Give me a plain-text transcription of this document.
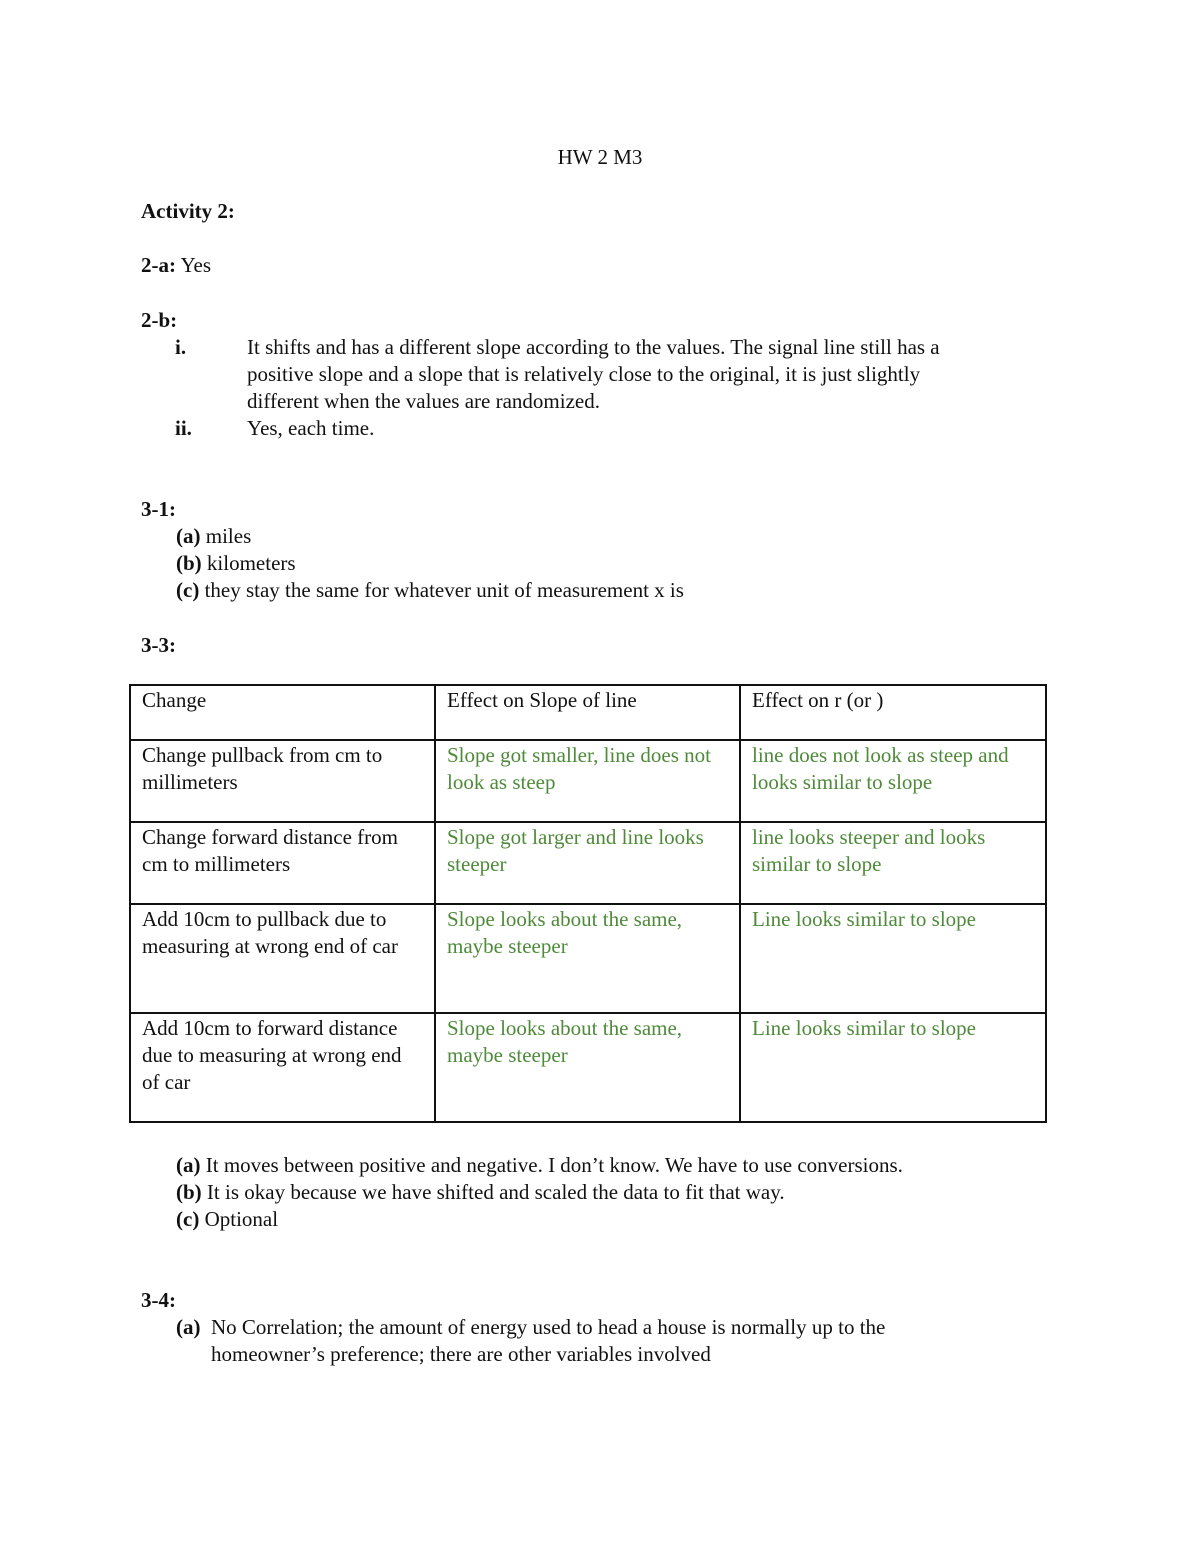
HW 2 M3
Activity 2:
2-a: Yes
2-b:
i.	It shifts and has a different slope according to the values. The signal line still has a
positive slope and a slope that is relatively close to the original, it is just slightly
different when the values are randomized.
ii.	Yes, each time.
3-1:
(a) miles
(b) kilometers
(c) they stay the same for whatever unit of measurement x is
3-3:
Change	Effect on Slope of line	Effect on r (or )
Change pullback from cm to millimeters	Slope got smaller, line does not look as steep	line does not look as steep and looks similar to slope
Change forward distance from cm to millimeters	Slope got larger and line looks steeper	line looks steeper and looks similar to slope
Add 10cm to pullback due to measuring at wrong end of car	Slope looks about the same, maybe steeper	Line looks similar to slope
Add 10cm to forward distance due to measuring at wrong end of car	Slope looks about the same, maybe steeper	Line looks similar to slope
(a) It moves between positive and negative. I don’t know. We have to use conversions.
(b) It is okay because we have shifted and scaled the data to fit that way.
(c) Optional
3-4:
(a) No Correlation; the amount of energy used to head a house is normally up to the
homeowner’s preference; there are other variables involved
